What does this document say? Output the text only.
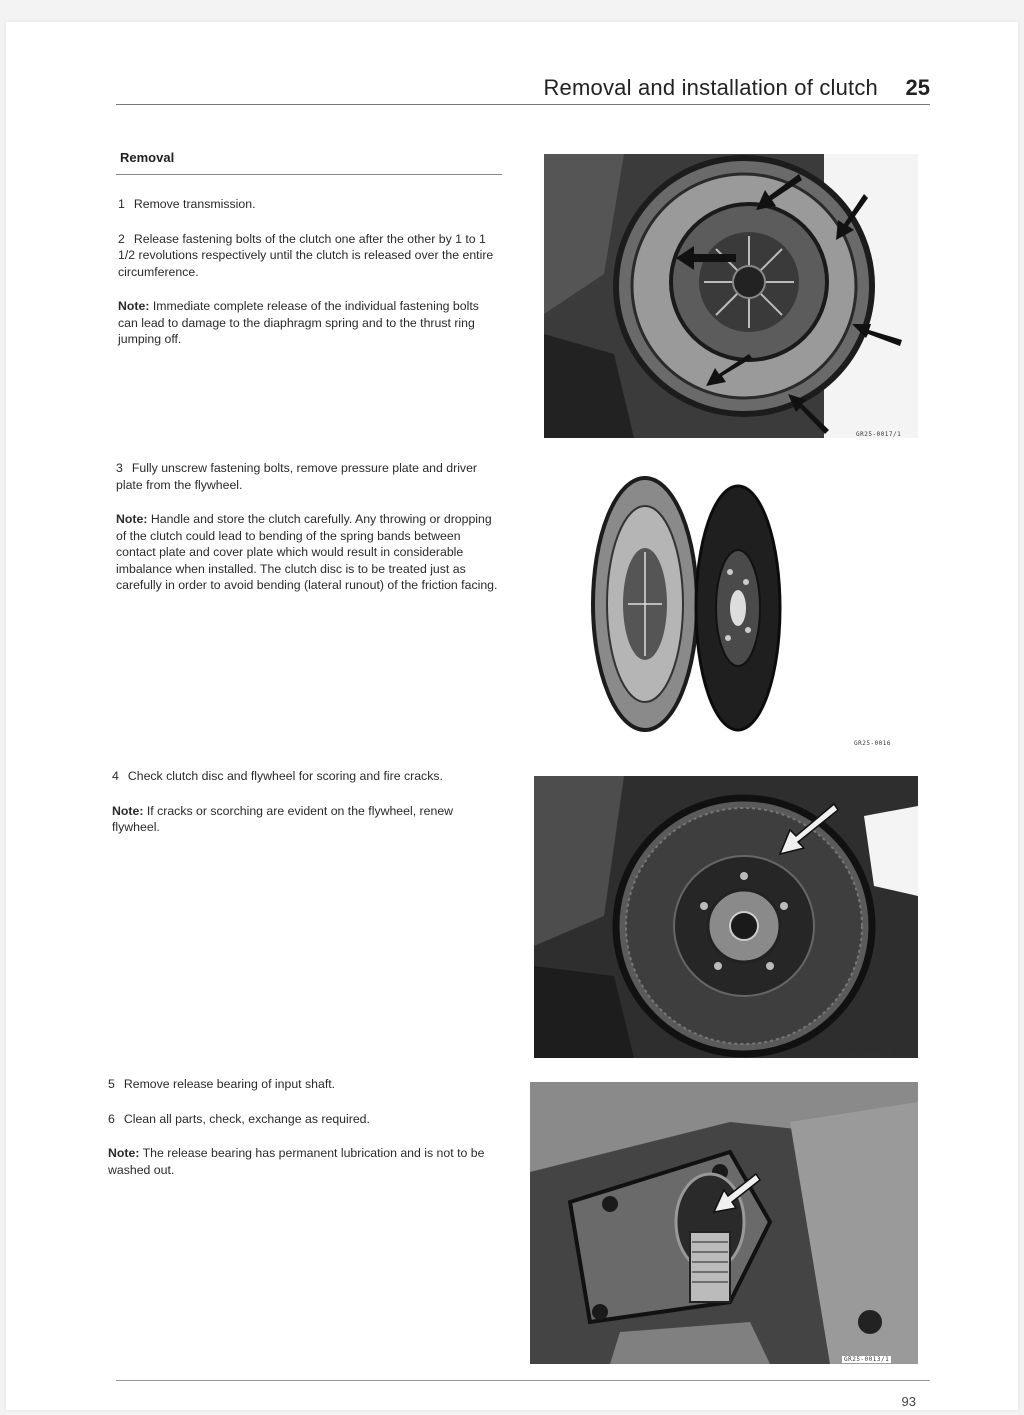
Removal and installation of clutch 25
Removal

1 Remove transmission.

2 Release fastening bolts of the clutch one after the other by 1 to 1 1/2 revolutions respectively until the clutch is released over the entire circumference.

Note: Immediate complete release of the individual fastening bolts can lead to damage to the diaphragm spring and to the thrust ring jumping off.

3 Fully unscrew fastening bolts, remove pressure plate and driver plate from the flywheel.

Note: Handle and store the clutch carefully. Any throwing or dropping of the clutch could lead to bending of the spring bands between contact plate and cover plate which would result in considerable imbalance when installed. The clutch disc is to be treated just as carefully in order to avoid bending (lateral runout) of the friction facing.

4 Check clutch disc and flywheel for scoring and fire cracks.

Note: If cracks or scorching are evident on the flywheel, renew flywheel.

5 Remove release bearing of input shaft.

6 Clean all parts, check, exchange as required.

Note: The release bearing has permanent lubrication and is not to be washed out.

GR25-0017/1
GR25-0016
GR25-0015/1
GR25-0013/1
93
